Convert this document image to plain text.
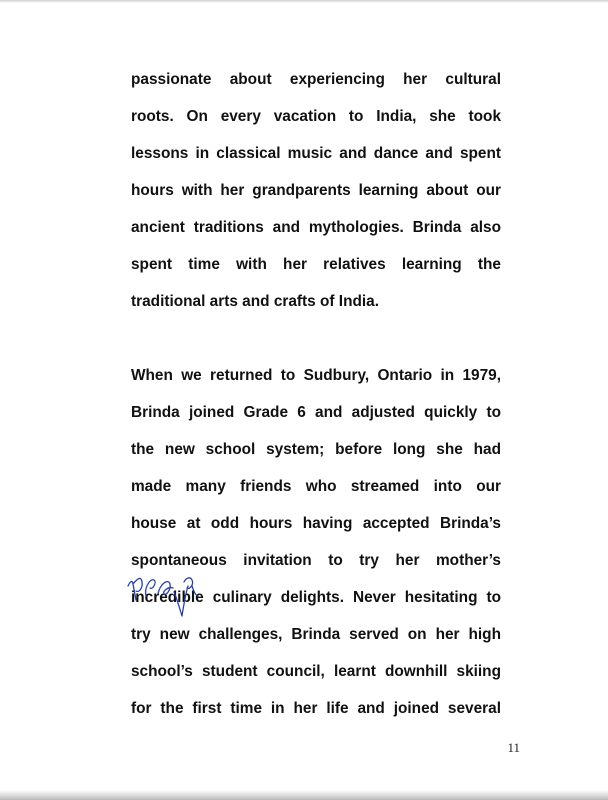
passionate about experiencing her cultural
roots. On every vacation to India, she took
lessons in classical music and dance and spent
hours with her grandparents learning about our
ancient traditions and mythologies. Brinda also
spent time with her relatives learning the
traditional arts and crafts of India.
When we returned to Sudbury, Ontario in 1979,
Brinda joined Grade 6 and adjusted quickly to
the new school system; before long she had
made many friends who streamed into our
house at odd hours having accepted Brinda’s
spontaneous invitation to try her mother’s
incredible culinary delights. Never hesitating to
try new challenges, Brinda served on her high
school’s student council, learnt downhill skiing
for the first time in her life and joined several
11
